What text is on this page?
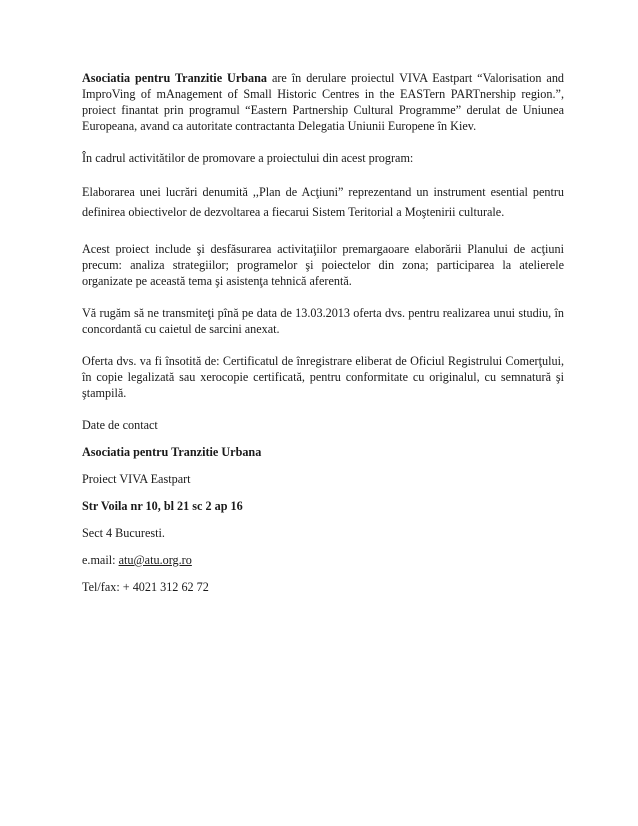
Asociatia pentru Tranzitie Urbana are în derulare proiectul VIVA Eastpart “Valorisation and ImproVing of mAnagement of Small Historic Centres in the EASTern PARTnership region.”, proiect finantat prin programul “Eastern Partnership Cultural Programme” derulat de Uniunea Europeana, avand ca autoritate contractanta Delegatia Uniunii Europene în Kiev.

În cadrul activitătilor de promovare a proiectului din acest program:

Elaborarea unei lucrări denumită ,,Plan de Acţiuni” reprezentand un instrument esential pentru definirea obiectivelor de dezvoltarea a fiecarui Sistem Teritorial a Moştenirii culturale.

Acest proiect include şi desfăsurarea activitaţiilor premargaoare elaborării Planului de acţiuni precum: analiza strategiilor; programelor şi poiectelor din zona; participarea la atelierele organizate pe această tema şi asistenţa tehnică aferentă.

Vă rugăm să ne transmiteţi pînă pe data de 13.03.2013 oferta dvs. pentru realizarea unui studiu, în concordantă cu caietul de sarcini anexat.

Oferta dvs. va fi însotită de: Certificatul de înregistrare eliberat de Oficiul Registrului Comerţului, în copie legalizată sau xerocopie certificată, pentru conformitate cu originalul, cu semnatură şi ştampilă.

Date de contact

Asociatia pentru Tranzitie Urbana

Proiect VIVA Eastpart

Str Voila nr 10, bl 21 sc 2 ap 16

Sect 4 Bucuresti.

e.mail: atu@atu.org.ro

Tel/fax: + 4021 312 62 72
